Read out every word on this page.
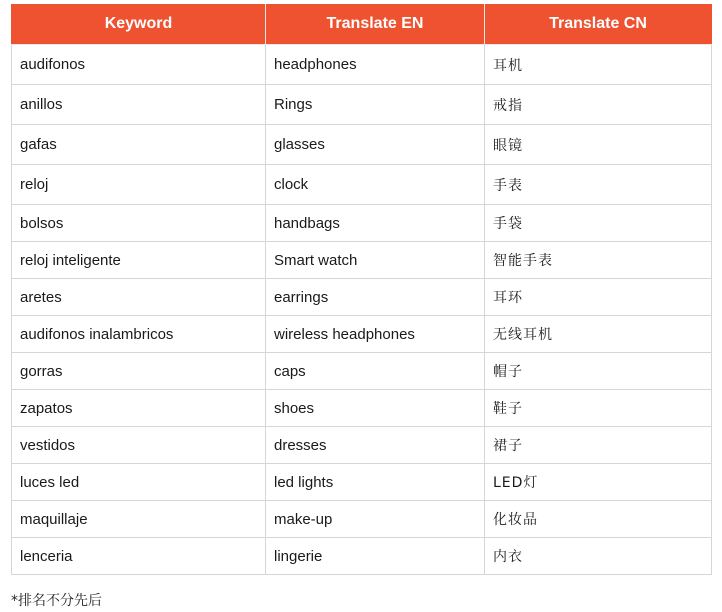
Keyword	Translate EN	Translate CN
audifonos	headphones	耳机
anillos	Rings	戒指
gafas	glasses	眼镜
reloj	clock	手表
bolsos	handbags	手袋
reloj inteligente	Smart watch	智能手表
aretes	earrings	耳环
audifonos inalambricos	wireless headphones	无线耳机
gorras	caps	帽子
zapatos	shoes	鞋子
vestidos	dresses	裙子
luces led	led lights	LED灯
maquillaje	make-up	化妆品
lenceria	lingerie	内衣
*排名不分先后
